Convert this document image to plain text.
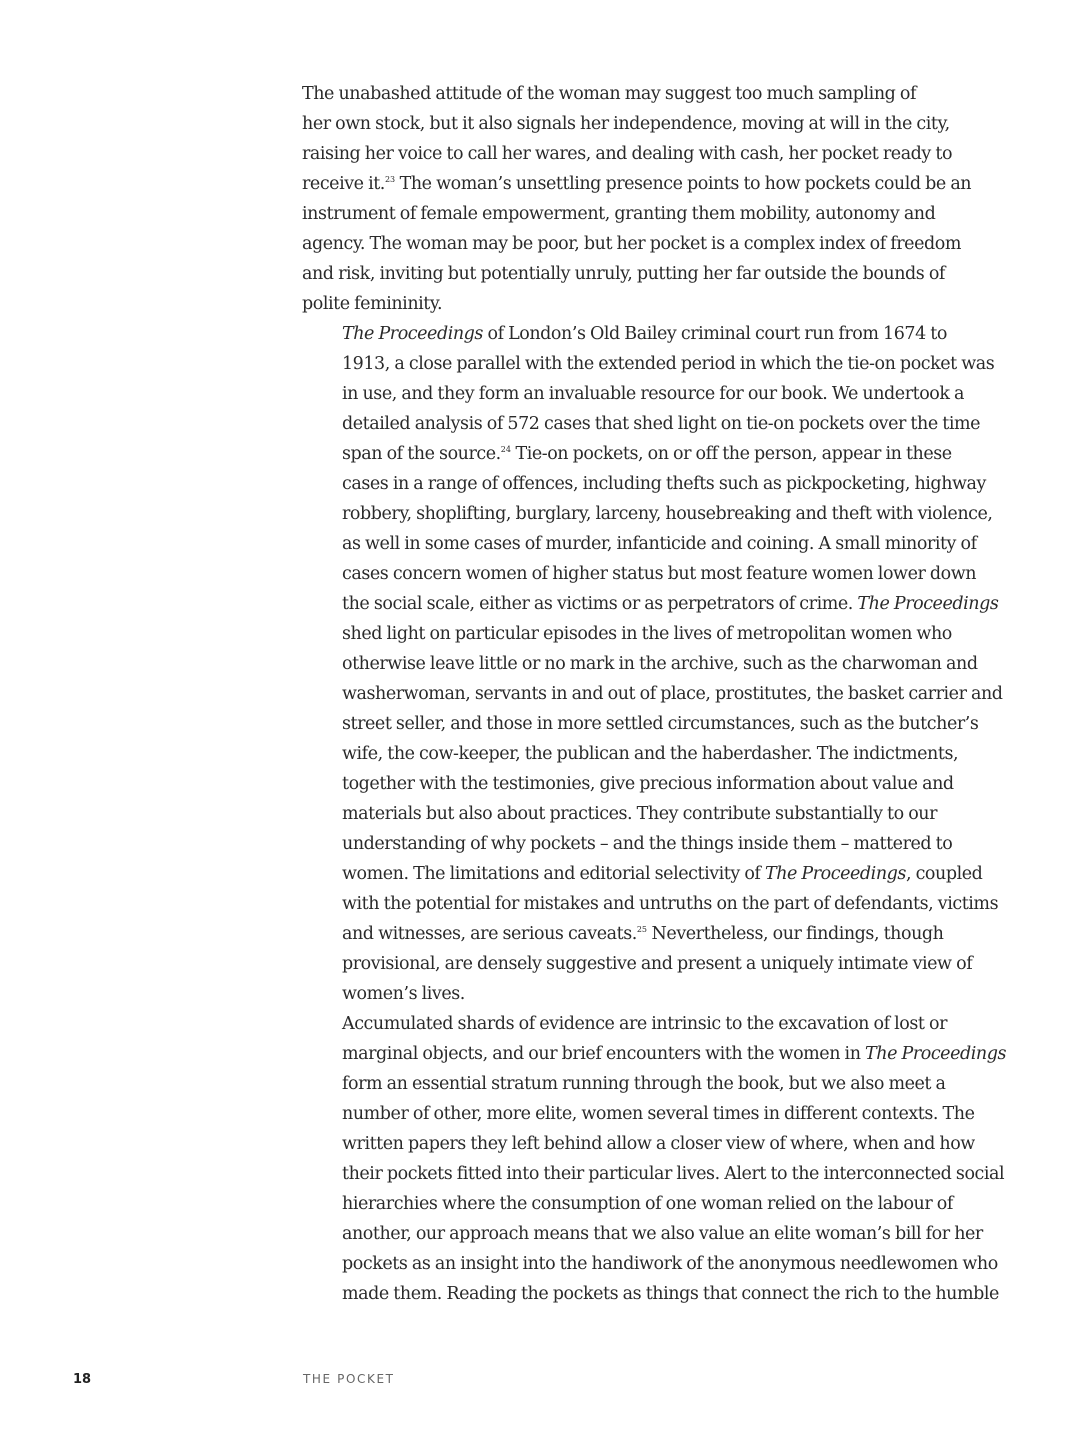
The unabashed attitude of the woman may suggest too much sampling of
her own stock, but it also signals her independence, moving at will in the city,
raising her voice to call her wares, and dealing with cash, her pocket ready to
receive it.$^{23}$ The woman’s unsettling presence points to how pockets could be an
instrument of female empowerment, granting them mobility, autonomy and
agency. The woman may be poor, but her pocket is a complex index of freedom
and risk, inviting but potentially unruly, putting her far outside the bounds of
polite femininity.

The Proceedings of London’s Old Bailey criminal court run from 1674 to
1913, a close parallel with the extended period in which the tie-on pocket was
in use, and they form an invaluable resource for our book. We undertook a
detailed analysis of 572 cases that shed light on tie-on pockets over the time
span of the source.$^{24}$ Tie-on pockets, on or off the person, appear in these
cases in a range of offences, including thefts such as pickpocketing, highway
robbery, shoplifting, burglary, larceny, housebreaking and theft with violence,
as well in some cases of murder, infanticide and coining. A small minority of
cases concern women of higher status but most feature women lower down
the social scale, either as victims or as perpetrators of crime. The Proceedings
shed light on particular episodes in the lives of metropolitan women who
otherwise leave little or no mark in the archive, such as the charwoman and
washerwoman, servants in and out of place, prostitutes, the basket carrier and
street seller, and those in more settled circumstances, such as the butcher’s
wife, the cow-keeper, the publican and the haberdasher. The indictments,
together with the testimonies, give precious information about value and
materials but also about practices. They contribute substantially to our
understanding of why pockets – and the things inside them – mattered to
women. The limitations and editorial selectivity of The Proceedings, coupled
with the potential for mistakes and untruths on the part of defendants, victims
and witnesses, are serious caveats.$^{25}$ Nevertheless, our findings, though
provisional, are densely suggestive and present a uniquely intimate view of
women’s lives.

Accumulated shards of evidence are intrinsic to the excavation of lost or
marginal objects, and our brief encounters with the women in The Proceedings
form an essential stratum running through the book, but we also meet a
number of other, more elite, women several times in different contexts. The
written papers they left behind allow a closer view of where, when and how
their pockets fitted into their particular lives. Alert to the interconnected social
hierarchies where the consumption of one woman relied on the labour of
another, our approach means that we also value an elite woman’s bill for her
pockets as an insight into the handiwork of the anonymous needlewomen who
made them. Reading the pockets as things that connect the rich to the humble

18	THE POCKET
